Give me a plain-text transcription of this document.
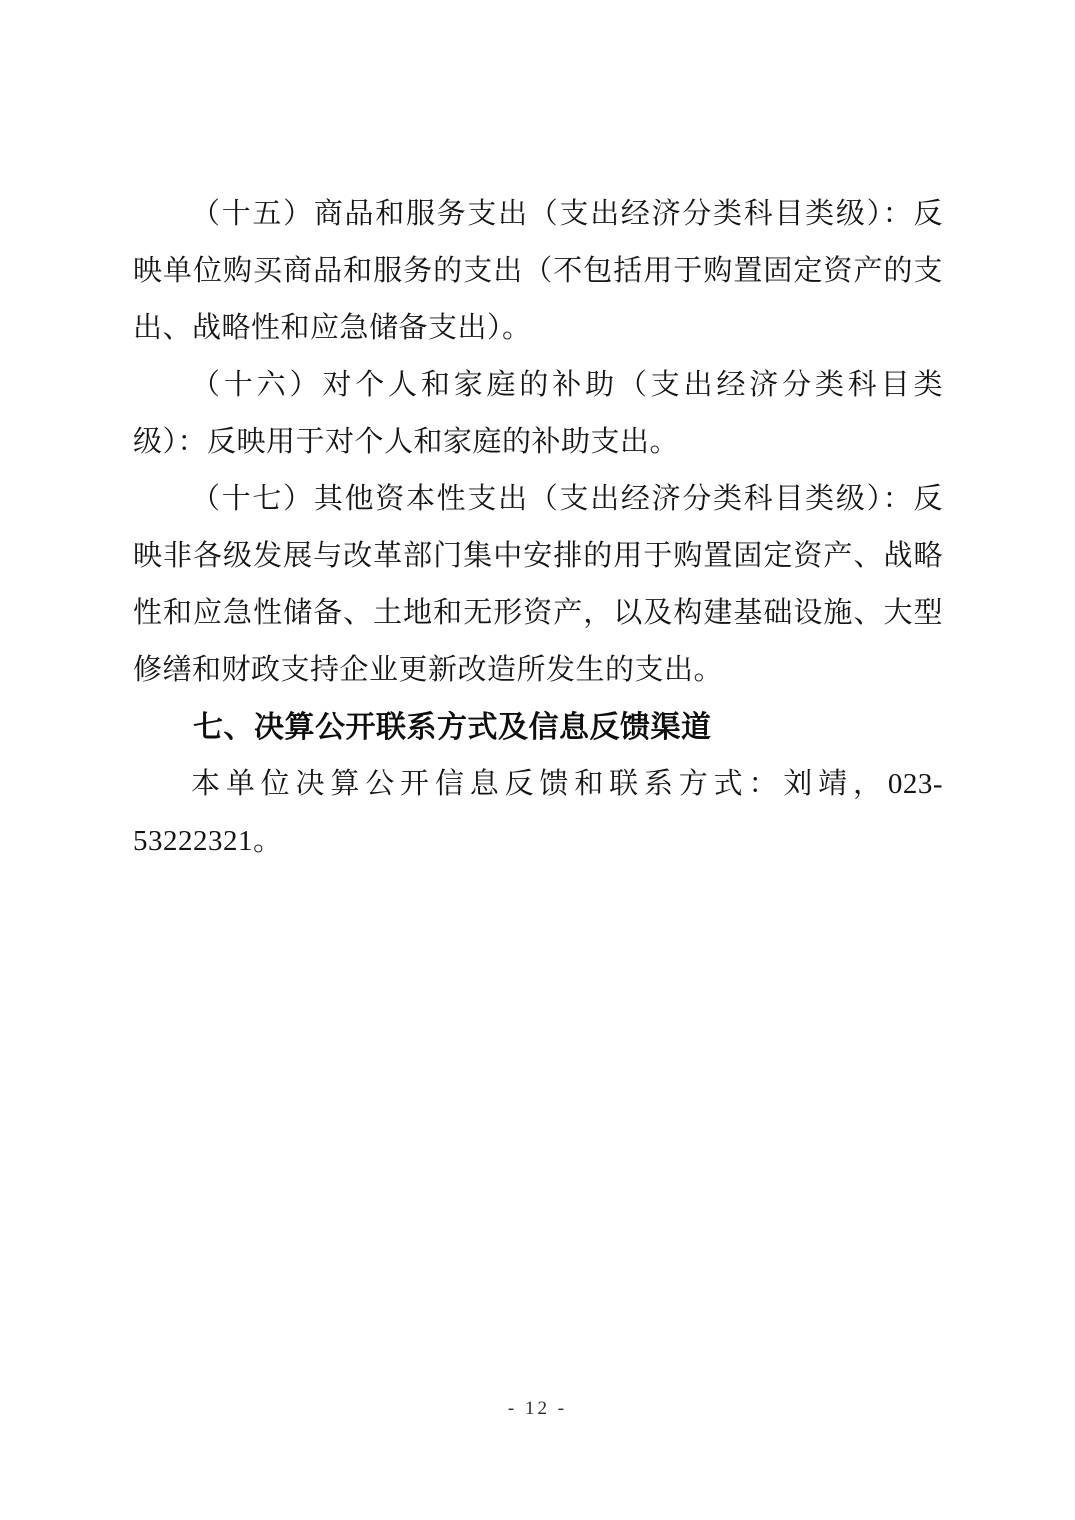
（十五）商品和服务支出（支出经济分类科目类级）：反映单位购买商品和服务的支出（不包括用于购置固定资产的支出、战略性和应急储备支出）。

（十六）对个人和家庭的补助（支出经济分类科目类级）：反映用于对个人和家庭的补助支出。

（十七）其他资本性支出（支出经济分类科目类级）：反映非各级发展与改革部门集中安排的用于购置固定资产、战略性和应急性储备、土地和无形资产，以及构建基础设施、大型修缮和财政支持企业更新改造所发生的支出。

七、决算公开联系方式及信息反馈渠道

本单位决算公开信息反馈和联系方式：刘靖，023-53222321。

- 12 -
